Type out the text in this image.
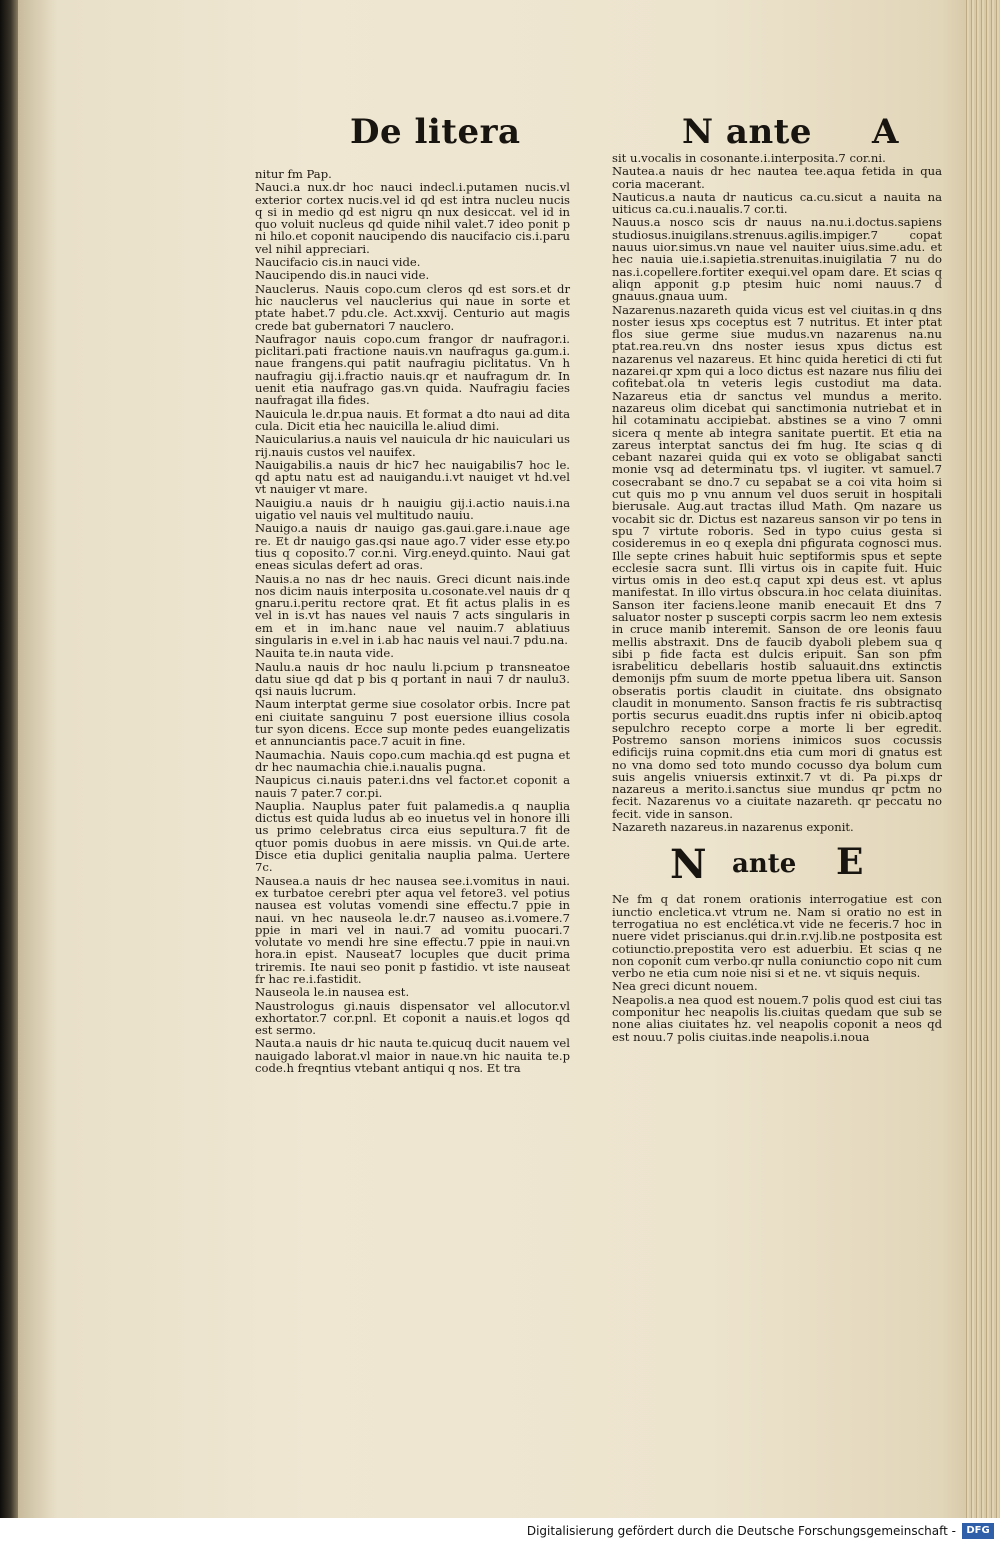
De litera	N ante A

nitur fm Pap.

Nauci.a nux.dr hoc nauci indecl.i.putamen nucis.vl exterior cortex nucis.vel id qd est intra nucleu nucis q si in medio qd est nigru qn nux desiccat. vel id in quo voluit nucleus qd quide nihil valet.7 ideo ponit p ni hilo.et coponit naucipendo dis naucifacio cis.i.paru vel nihil appreciari.

Naucifacio cis.in nauci vide.

Naucipendo dis.in nauci vide.

Nauclerus. Nauis copo.cum cleros qd est sors.et dr hic nauclerus vel nauclerius qui naue in sorte et ptate habet.7 pdu.cle. Act.xxvij. Centurio aut magis crede bat gubernatori 7 nauclero.

Naufragor nauis copo.cum frangor dr naufragor.i. piclitari.pati fractione nauis.vn naufragus ga.gum.i. naue frangens.qui patit naufragiu piclitatus. Vn h naufragiu gij.i.fractio nauis.qr et naufragum dr. In uenit etia naufrago gas.vn quida. Naufragiu facies naufragat illa fides.

Nauicula le.dr.pua nauis. Et format a dto naui ad dita cula. Dicit etia hec nauicilla le.aliud dimi.

Nauicularius.a nauis vel nauicula dr hic nauiculari us rij.nauis custos vel nauifex.

Nauigabilis.a nauis dr hic7 hec nauigabilis7 hoc le. qd aptu natu est ad nauigandu.i.vt nauiget vt hd.vel vt nauiger vt mare.

Nauigiu.a nauis dr h nauigiu gij.i.actio nauis.i.na uigatio vel nauis vel multitudo nauiu.

Nauigo.a nauis dr nauigo gas.gaui.gare.i.naue age re. Et dr nauigo gas.qsi naue ago.7 vider esse ety.po tius q coposito.7 cor.ni. Virg.eneyd.quinto. Naui gat eneas siculas defert ad oras.

Nauis.a no nas dr hec nauis. Greci dicunt nais.inde nos dicim nauis interposita u.cosonate.vel nauis dr q gnaru.i.peritu rectore qrat. Et fit actus plalis in es vel in is.vt has naues vel nauis 7 acts singularis in em et in im.hanc naue vel nauim.7 ablatiuus singularis in e.vel in i.ab hac nauis vel naui.7 pdu.na.

Nauita te.in nauta vide.

Naulu.a nauis dr hoc naulu li.pcium p transneatoe datu siue qd dat p bis q portant in naui 7 dr naulu3. qsi nauis lucrum.

Naum interptat germe siue cosolator orbis. Incre pat eni ciuitate sanguinu 7 post euersione illius cosola tur syon dicens. Ecce sup monte pedes euangelizatis et annunciantis pace.7 acuit in fine.

Naumachia. Nauis copo.cum machia.qd est pugna et dr hec naumachia chie.i.naualis pugna.

Naupicus ci.nauis pater.i.dns vel factor.et coponit a nauis 7 pater.7 cor.pi.

Nauplia. Nauplus pater fuit palamedis.a q nauplia dictus est quida ludus ab eo inuetus vel in honore illi us primo celebratus circa eius sepultura.7 fit de qtuor pomis duobus in aere missis. vn Qui.de arte. Disce etia duplici genitalia nauplia palma. Uertere 7c.

Nausea.a nauis dr hec nausea see.i.vomitus in naui. ex turbatoe cerebri pter aqua vel fetore3. vel potius nausea est volutas vomendi sine effectu.7 ppie in naui. vn hec nauseola le.dr.7 nauseo as.i.vomere.7 ppie in mari vel in naui.7 ad vomitu puocari.7 volutate vo mendi hre sine effectu.7 ppie in naui.vn hora.in epist. Nauseat7 locuples que ducit prima triremis. Ite naui seo ponit p fastidio. vt iste nauseat fr hac re.i.fastidit.

Nauseola le.in nausea est.

Naustrologus gi.nauis dispensator vel allocutor.vl exhortator.7 cor.pnl. Et coponit a nauis.et logos qd est sermo.

Nauta.a nauis dr hic nauta te.quicuq ducit nauem vel nauigado laborat.vl maior in naue.vn hic nauita te.p code.h freqntius vtebant antiqui q nos. Et tra

sit u.vocalis in cosonante.i.interposita.7 cor.ni.

Nautea.a nauis dr hec nautea tee.aqua fetida in qua coria macerant.

Nauticus.a nauta dr nauticus ca.cu.sicut a nauita na uiticus ca.cu.i.naualis.7 cor.ti.

Nauus.a nosco scis dr nauus na.nu.i.doctus.sapiens studiosus.inuigilans.strenuus.agilis.impiger.7 copat nauus uior.simus.vn naue vel nauiter uius.sime.adu. et hec nauia uie.i.sapietia.strenuitas.inuigilatia 7 nu do nas.i.copellere.fortiter exequi.vel opam dare. Et scias q aliqn apponit g.p ptesim huic nomi nauus.7 d gnauus.gnaua uum.

Nazarenus.nazareth quida vicus est vel ciuitas.in q dns noster iesus xps coceptus est 7 nutritus. Et inter ptat flos siue germe siue mudus.vn nazarenus na.nu ptat.rea.reu.vn dns noster iesus xpus dictus est nazarenus vel nazareus. Et hinc quida heretici di cti fut nazarei.qr xpm qui a loco dictus est nazare nus filiu dei cofitebat.ola tn veteris legis custodiut ma data. Nazareus etia dr sanctus vel mundus a merito. nazareus olim dicebat qui sanctimonia nutriebat et in hil cotaminatu accipiebat. abstines se a vino 7 omni sicera q mente ab integra sanitate puertit. Et etia na zareus interptat sanctus dei fm hug. Ite scias q di cebant nazarei quida qui ex voto se obligabat sancti monie vsq ad determinatu tps. vl iugiter. vt samuel.7 cosecrabant se dno.7 cu sepabat se a coi vita hoim si cut quis mo p vnu annum vel duos seruit in hospitali bierusale. Aug.aut tractas illud Math. Qm nazare us vocabit sic dr. Dictus est nazareus sanson vir po tens in spu 7 virtute roboris. Sed in typo cuius gesta si cosideremus in eo q exepla dni pfigurata cognosci mus. Ille septe crines habuit huic septiformis spus et septe ecclesie sacra sunt. Illi virtus ois in capite fuit. Huic virtus omis in deo est.q caput xpi deus est. vt aplus manifestat. In illo virtus obscura.in hoc celata diuinitas. Sanson iter faciens.leone manib enecauit Et dns 7 saluator noster p suscepti corpis sacrm leo nem extesis in cruce manib interemit. Sanson de ore leonis fauu mellis abstraxit. Dns de faucib dyaboli plebem sua q sibi p fide facta est dulcis eripuit. San son pfm israbeliticu debellaris hostib saluauit.dns extinctis demonijs pfm suum de morte ppetua libera uit. Sanson obseratis portis claudit in ciuitate. dns obsignato claudit in monumento. Sanson fractis fe ris subtractisq portis securus euadit.dns ruptis infer ni obicib.aptoq sepulchro recepto corpe a morte li ber egredit. Postremo sanson moriens inimicos suos cocussis edificijs ruina copmit.dns etia cum mori di gnatus est no vna domo sed toto mundo cocusso dya bolum cum suis angelis vniuersis extinxit.7 vt di. Pa pi.xps dr nazareus a merito.i.sanctus siue mundus qr pctm no fecit. Nazarenus vo a ciuitate nazareth. qr peccatu no fecit. vide in sanson.

Nazareth nazareus.in nazarenus exponit.

N ante E

Ne fm q dat ronem orationis interrogatiue est con iunctio encletica.vt vtrum ne. Nam si oratio no est in terrogatiua no est enclética.vt vide ne feceris.7 hoc in nuere videt priscianus.qui dr.in.r.vj.lib.ne postposita est cotiunctio.prepostita vero est aduerbiu. Et scias q ne non coponit cum verbo.qr nulla coniunctio copo nit cum verbo ne etia cum noie nisi si et ne. vt siquis nequis.

Nea greci dicunt nouem.

Neapolis.a nea quod est nouem.7 polis quod est ciui tas componitur hec neapolis lis.ciuitas quedam que sub se none alias ciuitates hz. vel neapolis coponit a neos qd est nouu.7 polis ciuitas.inde neapolis.i.noua

Digitalisierung gefördert durch die Deutsche Forschungsgemeinschaft -	DFG
